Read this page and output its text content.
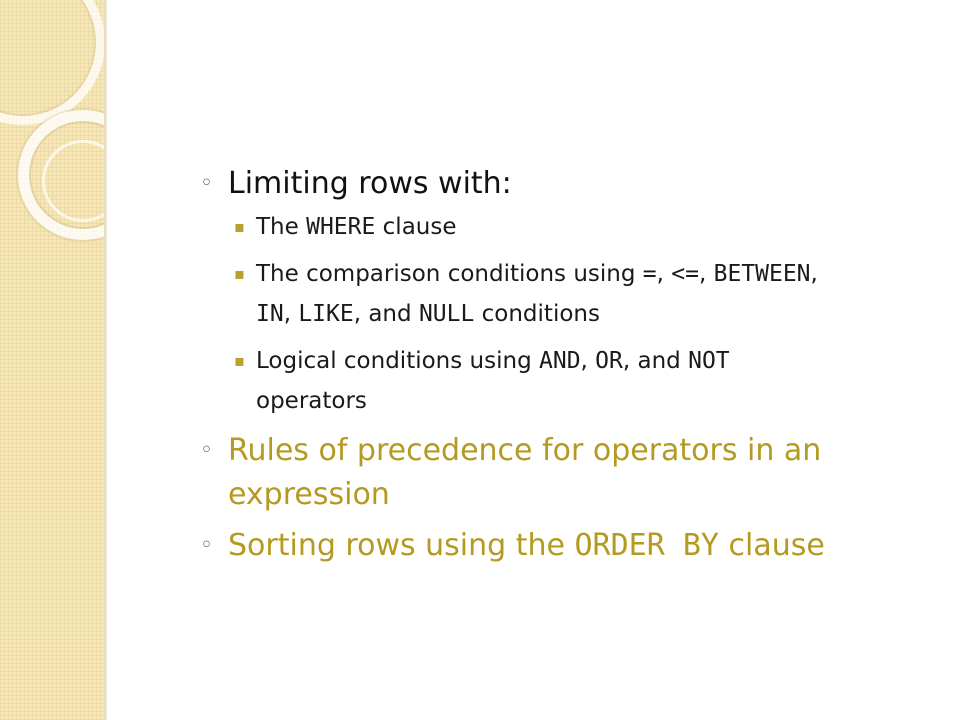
◦ Limiting rows with:
▪ The WHERE clause
▪ The comparison conditions using =, <=, BETWEEN,
IN, LIKE, and NULL conditions
▪ Logical conditions using AND, OR, and NOT
operators
◦ Rules of precedence for operators in an
expression
◦ Sorting rows using the ORDER BY clause
